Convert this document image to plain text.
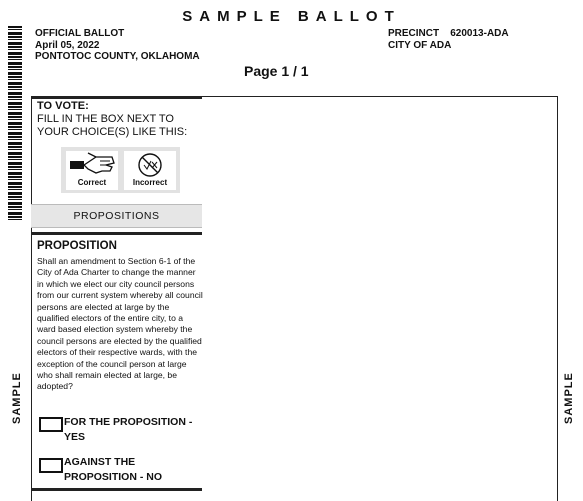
SAMPLE BALLOT
OFFICIAL BALLOT
April 05, 2022
PONTOTOC COUNTY, OKLAHOMA
PRECINCT 620013-ADA
CITY OF ADA
Page 1 / 1
SAMPLE	SAMPLE
TO VOTE:
FILL IN THE BOX NEXT TO YOUR CHOICE(S) LIKE THIS:
Correct	Incorrect
PROPOSITIONS
PROPOSITION
Shall an amendment to Section 6-1 of the City of Ada Charter to change the manner in which we elect our city council persons from our current system whereby all council persons are elected at large by the qualified electors of the entire city, to a ward based election system whereby the council persons are elected by the qualified electors of their respective wards, with the exception of the council person at large who shall remain elected at large, be adopted?
FOR THE PROPOSITION - YES
AGAINST THE PROPOSITION - NO
